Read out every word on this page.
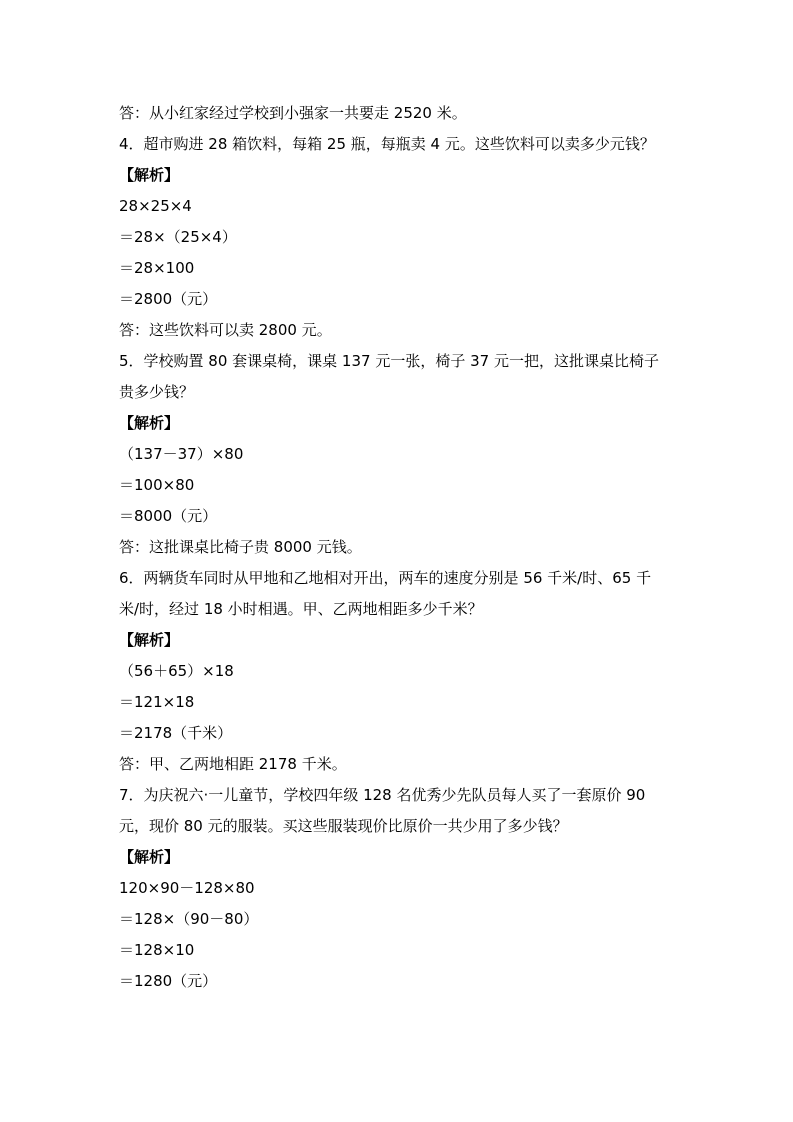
答：从小红家经过学校到小强家一共要走 2520 米。
4．超市购进 28 箱饮料，每箱 25 瓶，每瓶卖 4 元。这些饮料可以卖多少元钱？
【解析】
28×25×4
＝28×（25×4）
＝28×100
＝2800（元）
答：这些饮料可以卖 2800 元。
5．学校购置 80 套课桌椅，课桌 137 元一张，椅子 37 元一把，这批课桌比椅子
贵多少钱？
【解析】
（137－37）×80
＝100×80
＝8000（元）
答：这批课桌比椅子贵 8000 元钱。
6．两辆货车同时从甲地和乙地相对开出，两车的速度分别是 56 千米/时、65 千
米/时，经过 18 小时相遇。甲、乙两地相距多少千米？
【解析】
（56＋65）×18
＝121×18
＝2178（千米）
答：甲、乙两地相距 2178 千米。
7．为庆祝六·一儿童节，学校四年级 128 名优秀少先队员每人买了一套原价 90
元，现价 80 元的服装。买这些服装现价比原价一共少用了多少钱？
【解析】
120×90－128×80
＝128×（90－80）
＝128×10
＝1280（元）
